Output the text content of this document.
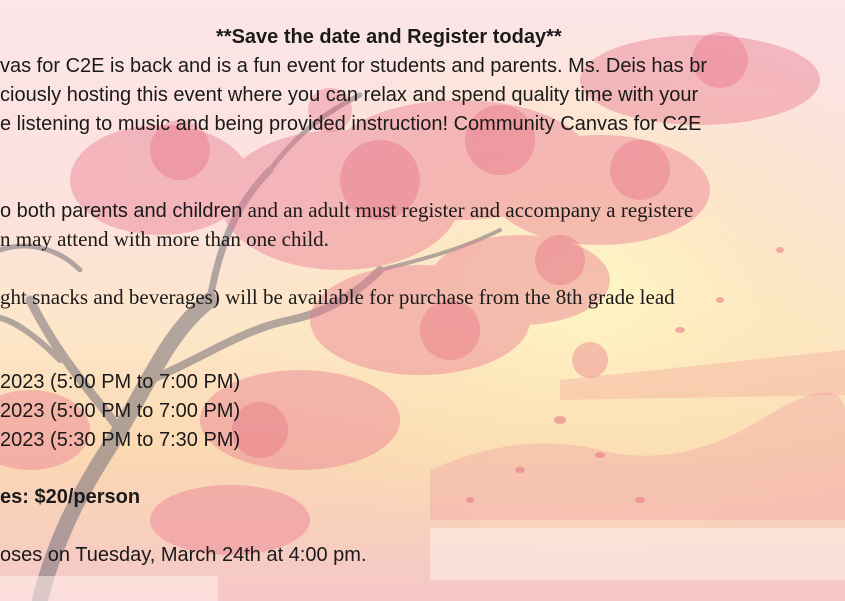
**Save the date and Register today**
vas for C2E is back and is a fun event for students and parents. Ms. Deis has br
ciously hosting this event where you can relax and spend quality time with your
e listening to music and being provided instruction! Community Canvas for C2E
o both parents and children and an adult must register and accompany a registere
n may attend with more than one child.
ght snacks and beverages) will be available for purchase from the 8th grade lead
2023 (5:00 PM to 7:00 PM)
2023 (5:00 PM to 7:00 PM)
2023 (5:30 PM to 7:30 PM)
es: $20/person
oses on Tuesday, March 24th at 4:00 pm.
